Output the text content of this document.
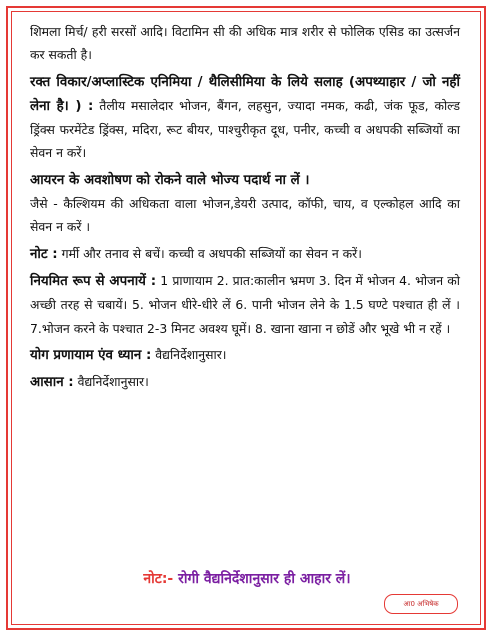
शिमला मिर्च/ हरी सरसों आदि। विटामिन सी की अधिक मात्र शरीर से फोलिक एसिड का उत्सर्जन कर सकती है।

रक्त विकार/अप्लास्टिक एनिमिया / थैलिसीमिया के लिये सलाह (अपथ्याहार / जो नहीं लेना है। ) : तैलीय मसालेदार भोजन, बैंगन, लहसुन, ज्यादा नमक, कढी, जंक फूड, कोल्ड ड्रिंक्स फरमेंटेड ड्रिंक्स, मदिरा, रूट बीयर, पाश्चुरीकृत दूध, पनीर, कच्ची व अधपकी सब्जियों का सेवन न करें।

आयरन के अवशोषण को रोकने वाले भोज्य पदार्थ ना लें ।
जैसे - कैल्शियम की अधिकता वाला भोजन,डेयरी उत्पाद, कॉफी, चाय, व एल्कोहल आदि का सेवन न करें ।

नोट : गर्मी और तनाव से बचें। कच्ची व अधपकी सब्जियों का सेवन न करें।

नियमित रूप से अपनायें : 1 प्राणायाम 2. प्रात:कालीन भ्रमण 3. दिन में भोजन 4. भोजन को अच्छी तरह से चबायें। 5. भोजन धीरे-धीरे लें 6. पानी भोजन लेने के 1.5 घण्टे पश्चात ही लें । 7.भोजन करने के पश्चात 2-3 मिनट अवश्य घूमें। 8. खाना खाना न छोडें और भूखे भी न रहें ।

योग प्रणायाम एंव ध्यान : वैद्यनिर्देशानुसार।

आसान : वैद्यनिर्देशानुसार।

नोट:- रोगी वैद्यनिर्देशानुसार ही आहार लें।
आ0 अभिषेक
